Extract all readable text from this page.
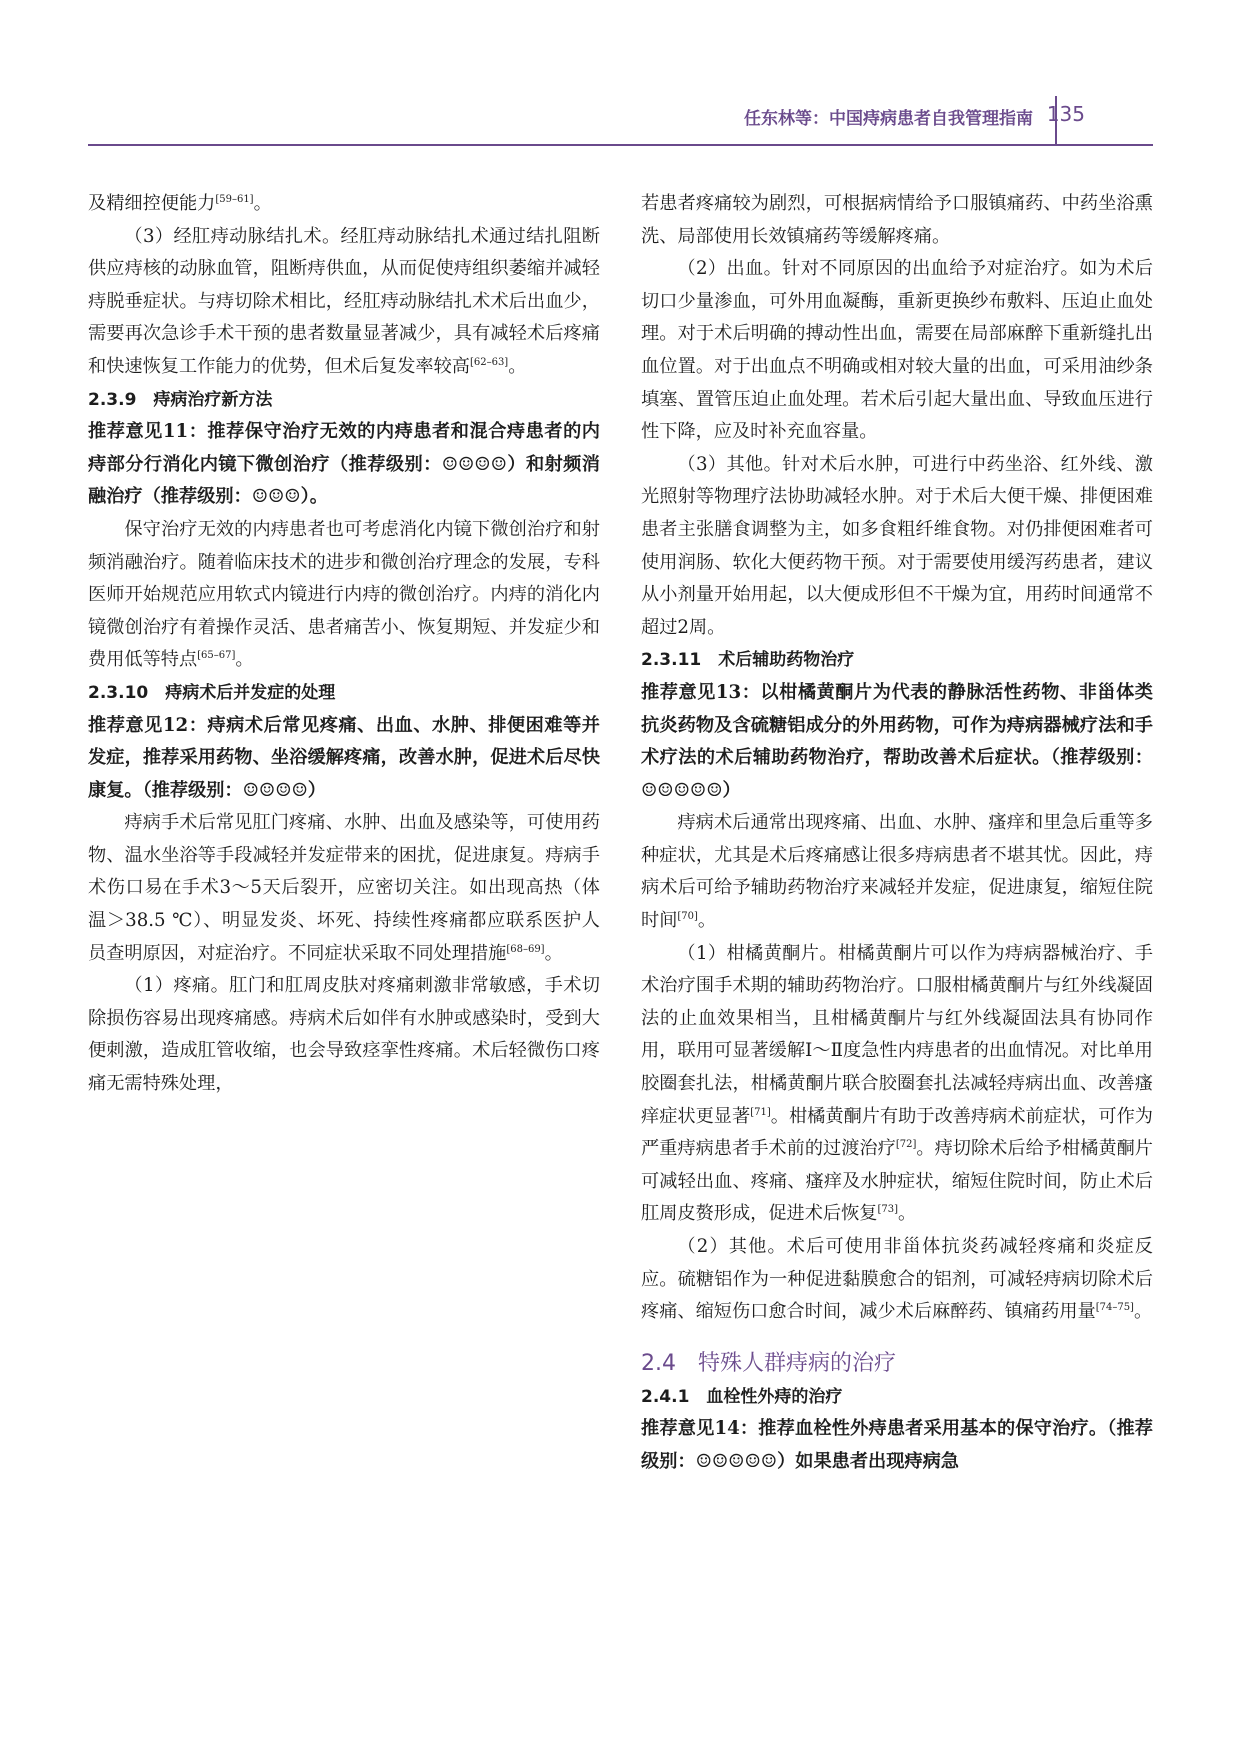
任东林等：中国痔病患者自我管理指南 135

及精细控便能力[59–61]。

（3）经肛痔动脉结扎术。经肛痔动脉结扎术通过结扎阻断供应痔核的动脉血管，阻断痔供血，从而促使痔组织萎缩并减轻痔脱垂症状。与痔切除术相比，经肛痔动脉结扎术术后出血少，需要再次急诊手术干预的患者数量显著减少，具有减轻术后疼痛和快速恢复工作能力的优势，但术后复发率较高[62–63]。

2.3.9　痔病治疗新方法

推荐意见11：推荐保守治疗无效的内痔患者和混合痔患者的内痔部分行消化内镜下微创治疗（推荐级别：☺☺☺☺）和射频消融治疗（推荐级别：☺☺☺）。

保守治疗无效的内痔患者也可考虑消化内镜下微创治疗和射频消融治疗。随着临床技术的进步和微创治疗理念的发展，专科医师开始规范应用软式内镜进行内痔的微创治疗。内痔的消化内镜微创治疗有着操作灵活、患者痛苦小、恢复期短、并发症少和费用低等特点[65–67]。

2.3.10　痔病术后并发症的处理

推荐意见12：痔病术后常见疼痛、出血、水肿、排便困难等并发症，推荐采用药物、坐浴缓解疼痛，改善水肿，促进术后尽快康复。（推荐级别：☺☺☺☺）

痔病手术后常见肛门疼痛、水肿、出血及感染等，可使用药物、温水坐浴等手段减轻并发症带来的困扰，促进康复。痔病手术伤口易在手术3～5天后裂开，应密切关注。如出现高热（体温＞38.5 ℃）、明显发炎、坏死、持续性疼痛都应联系医护人员查明原因，对症治疗。不同症状采取不同处理措施[68–69]。

（1）疼痛。肛门和肛周皮肤对疼痛刺激非常敏感，手术切除损伤容易出现疼痛感。痔病术后如伴有水肿或感染时，受到大便刺激，造成肛管收缩，也会导致痉挛性疼痛。术后轻微伤口疼痛无需特殊处理，

若患者疼痛较为剧烈，可根据病情给予口服镇痛药、中药坐浴熏洗、局部使用长效镇痛药等缓解疼痛。

（2）出血。针对不同原因的出血给予对症治疗。如为术后切口少量渗血，可外用血凝酶，重新更换纱布敷料、压迫止血处理。对于术后明确的搏动性出血，需要在局部麻醉下重新缝扎出血位置。对于出血点不明确或相对较大量的出血，可采用油纱条填塞、置管压迫止血处理。若术后引起大量出血、导致血压进行性下降，应及时补充血容量。

（3）其他。针对术后水肿，可进行中药坐浴、红外线、激光照射等物理疗法协助减轻水肿。对于术后大便干燥、排便困难患者主张膳食调整为主，如多食粗纤维食物。对仍排便困难者可使用润肠、软化大便药物干预。对于需要使用缓泻药患者，建议从小剂量开始用起，以大便成形但不干燥为宜，用药时间通常不超过2周。

2.3.11　术后辅助药物治疗

推荐意见13：以柑橘黄酮片为代表的静脉活性药物、非甾体类抗炎药物及含硫糖铝成分的外用药物，可作为痔病器械疗法和手术疗法的术后辅助药物治疗，帮助改善术后症状。（推荐级别：☺☺☺☺☺）

痔病术后通常出现疼痛、出血、水肿、瘙痒和里急后重等多种症状，尤其是术后疼痛感让很多痔病患者不堪其忧。因此，痔病术后可给予辅助药物治疗来减轻并发症，促进康复，缩短住院时间[70]。

（1）柑橘黄酮片。柑橘黄酮片可以作为痔病器械治疗、手术治疗围手术期的辅助药物治疗。口服柑橘黄酮片与红外线凝固法的止血效果相当，且柑橘黄酮片与红外线凝固法具有协同作用，联用可显著缓解Ⅰ～Ⅱ度急性内痔患者的出血情况。对比单用胶圈套扎法，柑橘黄酮片联合胶圈套扎法减轻痔病出血、改善瘙痒症状更显著[71]。柑橘黄酮片有助于改善痔病术前症状，可作为严重痔病患者手术前的过渡治疗[72]。痔切除术后给予柑橘黄酮片可减轻出血、疼痛、瘙痒及水肿症状，缩短住院时间，防止术后肛周皮赘形成，促进术后恢复[73]。

（2）其他。术后可使用非甾体抗炎药减轻疼痛和炎症反应。硫糖铝作为一种促进黏膜愈合的铝剂，可减轻痔病切除术后疼痛、缩短伤口愈合时间，减少术后麻醉药、镇痛药用量[74–75]。

2.4　特殊人群痔病的治疗

2.4.1　血栓性外痔的治疗

推荐意见14：推荐血栓性外痔患者采用基本的保守治疗。（推荐级别：☺☺☺☺☺）如果患者出现痔病急
